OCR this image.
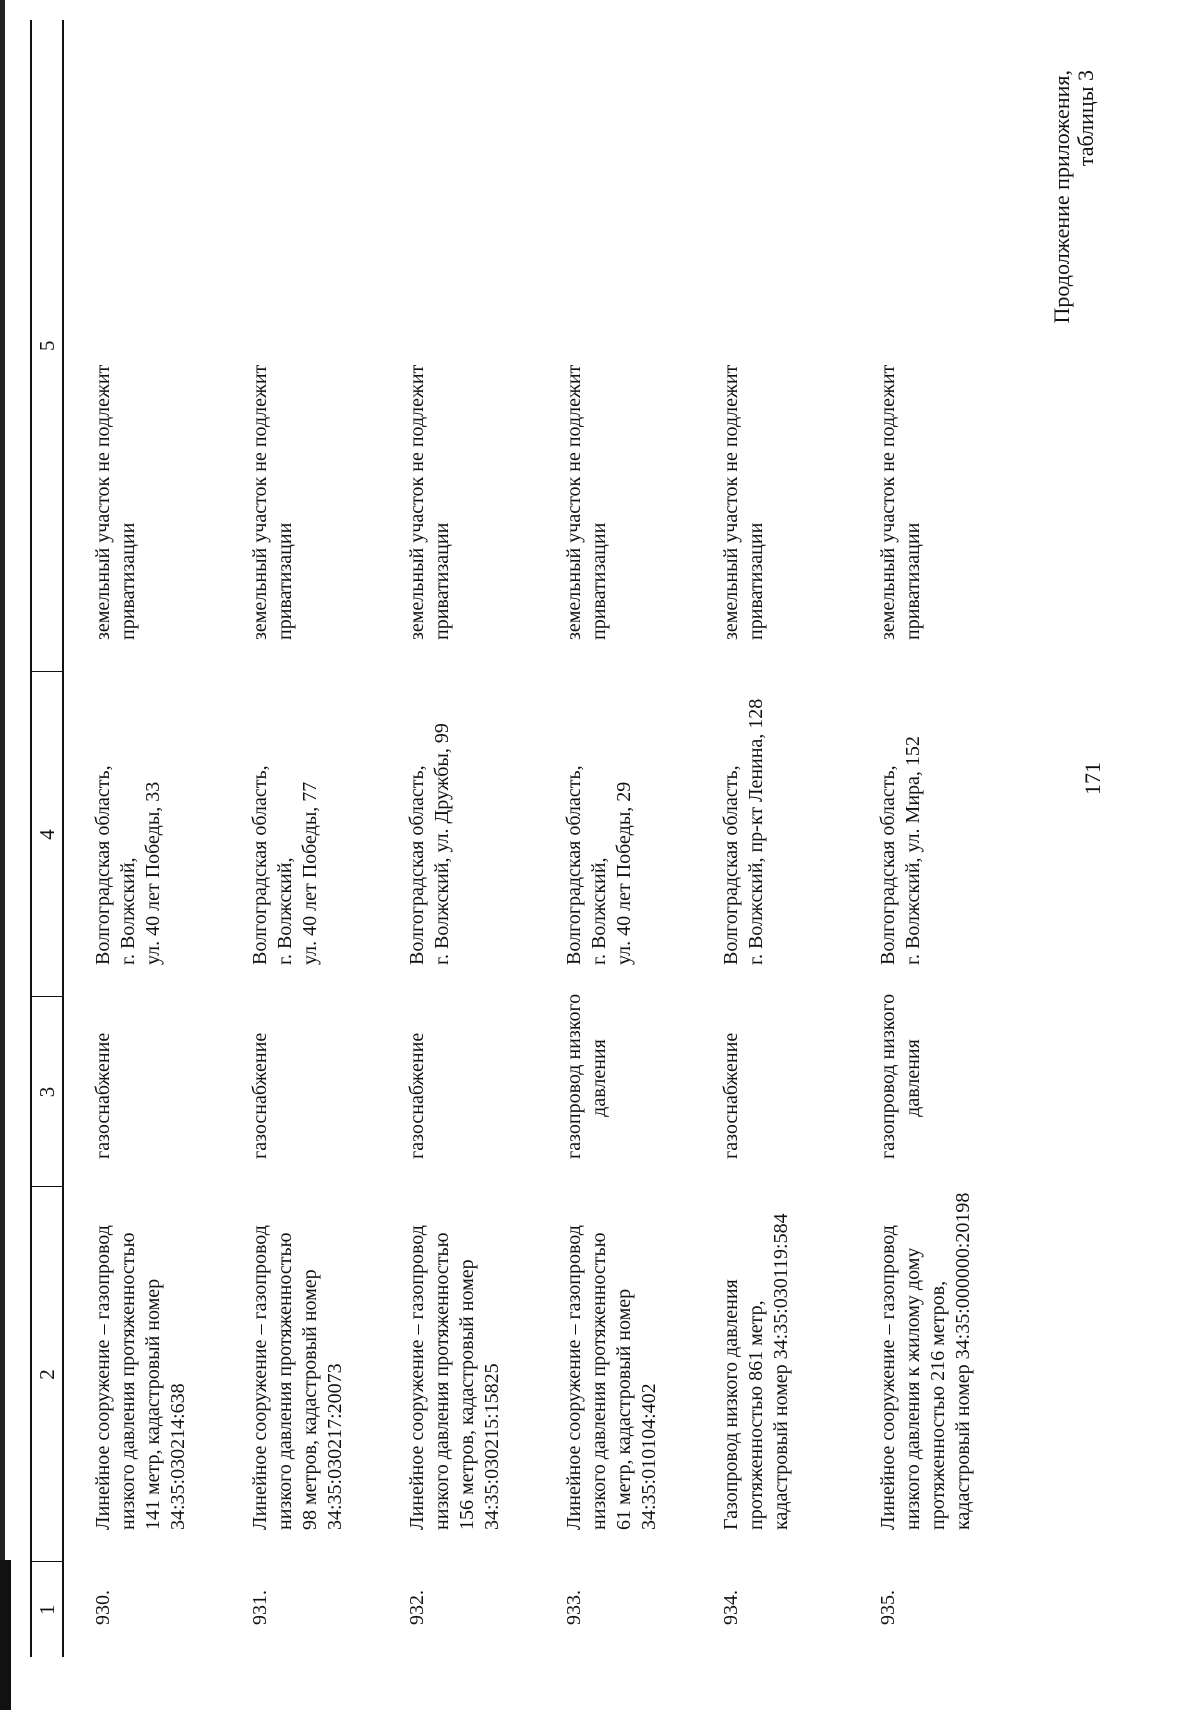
171
Продолжение приложения, таблицы 3
1	2	3	4	5

930.	Линейное сооружение – газопровод низкого давления протяженностью 141 метр, кадастровый номер 34:35:030214:638	газоснабжение	Волгоградская область, г. Волжский, ул. 40 лет Победы, 33	земельный участок не подлежит приватизации

931.	Линейное сооружение – газопровод низкого давления протяженностью 98 метров, кадастровый номер 34:35:030217:20073	газоснабжение	Волгоградская область, г. Волжский, ул. 40 лет Победы, 77	земельный участок не подлежит приватизации

932.	Линейное сооружение – газопровод низкого давления протяженностью 156 метров, кадастровый номер 34:35:030215:15825	газоснабжение	Волгоградская область, г. Волжский, ул. Дружбы, 99	земельный участок не подлежит приватизации

933.	Линейное сооружение – газопровод низкого давления протяженностью 61 метр, кадастровый номер 34:35:010104:402	газопровод низкого давления	Волгоградская область, г. Волжский, ул. 40 лет Победы, 29	земельный участок не подлежит приватизации

934.	Газопровод низкого давления протяженностью 861 метр, кадастровый номер 34:35:030119:584	газоснабжение	Волгоградская область, г. Волжский, пр-кт Ленина, 128	земельный участок не подлежит приватизации

935.	Линейное сооружение – газопровод низкого давления к жилому дому протяженностью 216 метров, кадастровый номер 34:35:000000:20198	газопровод низкого давления	Волгоградская область, г. Волжский, ул. Мира, 152	земельный участок не подлежит приватизации
